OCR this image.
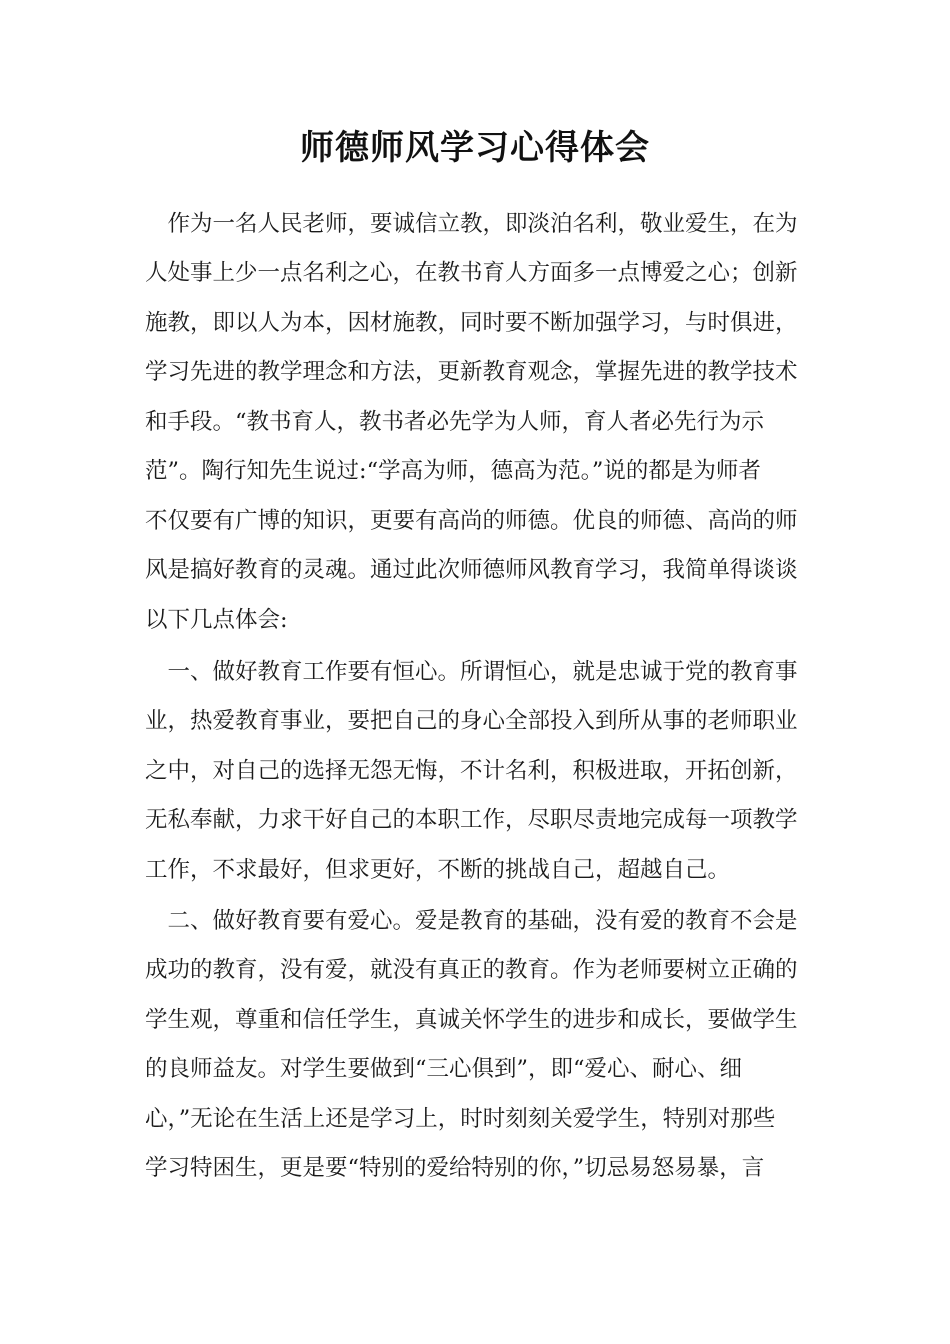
师德师风学习心得体会
　作为一名人民老师，要诚信立教，即淡泊名利，敬业爱生，在为
人处事上少一点名利之心，在教书育人方面多一点博爱之心；创新
施教，即以人为本，因材施教，同时要不断加强学习，与时俱进，
学习先进的教学理念和方法，更新教育观念，掌握先进的教学技术
和手段。“教书育人，教书者必先学为人师，育人者必先行为示
范”。陶行知先生说过:“学高为师，德高为范。”说的都是为师者
不仅要有广博的知识，更要有高尚的师德。优良的师德、高尚的师
风是搞好教育的灵魂。通过此次师德师风教育学习，我简单得谈谈
以下几点体会:
　一、做好教育工作要有恒心。所谓恒心，就是忠诚于党的教育事
业，热爱教育事业，要把自己的身心全部投入到所从事的老师职业
之中，对自己的选择无怨无悔，不计名利，积极进取，开拓创新，
无私奉献，力求干好自己的本职工作，尽职尽责地完成每一项教学
工作，不求最好，但求更好，不断的挑战自己，超越自己。
　二、做好教育要有爱心。爱是教育的基础，没有爱的教育不会是
成功的教育，没有爱，就没有真正的教育。作为老师要树立正确的
学生观，尊重和信任学生，真诚关怀学生的进步和成长，要做学生
的良师益友。对学生要做到“三心俱到”，即“爱心、耐心、细
心，”无论在生活上还是学习上，时时刻刻关爱学生，特别对那些
学习特困生，更是要“特别的爱给特别的你，”切忌易怒易暴，言
